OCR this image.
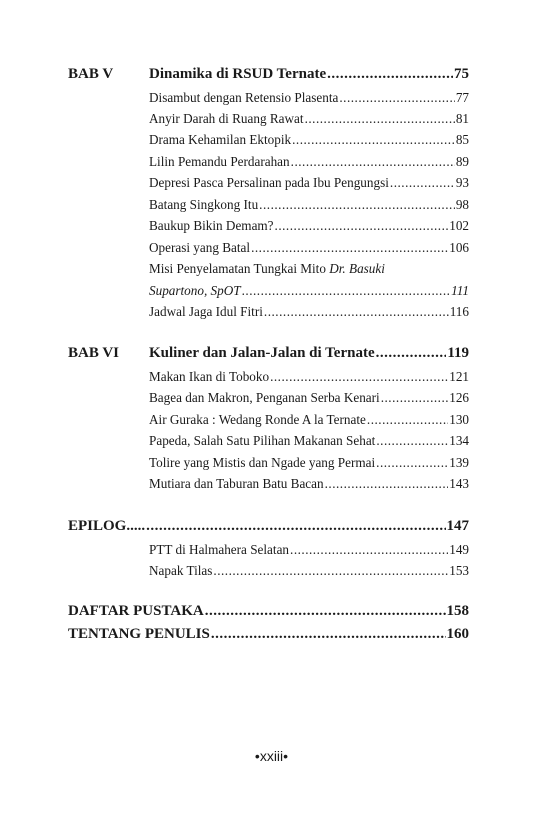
BAB V Dinamika di RSUD Ternate .....	75
Disambut dengan Retensio Plasenta .....	77
Anyir Darah di Ruang Rawat .....	81
Drama Kehamilan Ektopik .....	85
Lilin Pemandu Perdarahan .....	89
Depresi Pasca Persalinan pada Ibu Pengungsi .....	93
Batang Singkong Itu .....	98
Baukup Bikin Demam? .....	102
Operasi yang Batal .....	106
Misi Penyelamatan Tungkai Mito Dr. Basuki
Supartono, SpOT .....	111
Jadwal Jaga Idul Fitri .....	116
BAB VI Kuliner dan Jalan-Jalan di Ternate .....	119
Makan Ikan di Toboko .....	121
Bagea dan Makron, Penganan Serba Kenari .....	126
Air Guraka : Wedang Ronde A la Ternate .....	130
Papeda, Salah Satu Pilihan Makanan Sehat .....	134
Tolire yang Mistis dan Ngade yang Permai .....	139
Mutiara dan Taburan Batu Bacan .....	143
EPILOG..... .....	147
PTT di Halmahera Selatan .....	149
Napak Tilas .....	153
DAFTAR PUSTAKA .....	158
TENTANG PENULIS .....	160
•xxiii•
